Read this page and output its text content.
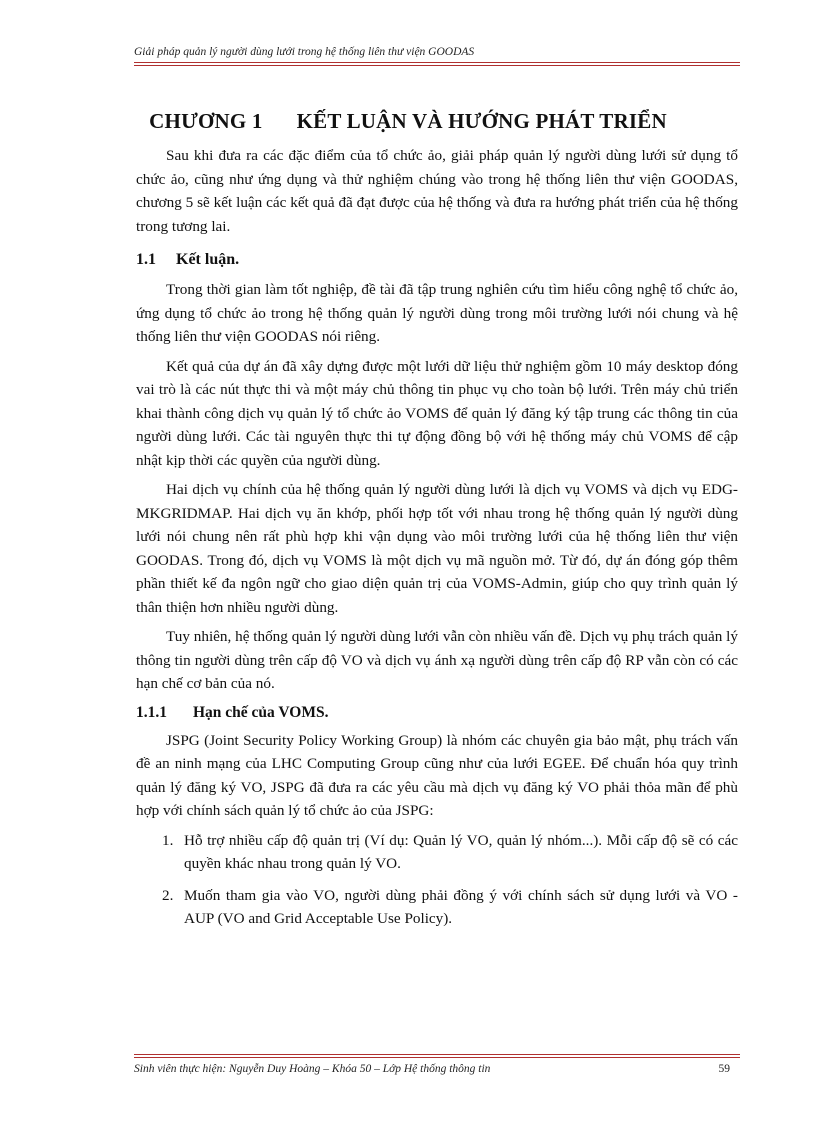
Giải pháp quản lý người dùng lưới trong hệ thống liên thư viện GOODAS
CHƯƠNG 1 KẾT LUẬN VÀ HƯỚNG PHÁT TRIỂN

Sau khi đưa ra các đặc điểm của tổ chức ảo, giải pháp quản lý người dùng lưới sử dụng tổ chức ảo, cũng như ứng dụng và thử nghiệm chúng vào trong hệ thống liên thư viện GOODAS, chương 5 sẽ kết luận các kết quả đã đạt được của hệ thống và đưa ra hướng phát triển của hệ thống trong tương lai.

1.1 Kết luận.

Trong thời gian làm tốt nghiệp, đề tài đã tập trung nghiên cứu tìm hiểu công nghệ tổ chức ảo, ứng dụng tổ chức ảo trong hệ thống quản lý người dùng trong môi trường lưới nói chung và hệ thống liên thư viện GOODAS nói riêng.

Kết quả của dự án đã xây dựng được một lưới dữ liệu thử nghiệm gồm 10 máy desktop đóng vai trò là các nút thực thi và một máy chủ thông tin phục vụ cho toàn bộ lưới. Trên máy chủ triển khai thành công dịch vụ quản lý tổ chức ảo VOMS để quản lý đăng ký tập trung các thông tin của người dùng lưới. Các tài nguyên thực thi tự động đồng bộ với hệ thống máy chủ VOMS để cập nhật kịp thời các quyền của người dùng.

Hai dịch vụ chính của hệ thống quản lý người dùng lưới là dịch vụ VOMS và dịch vụ EDG-MKGRIDMAP. Hai dịch vụ ăn khớp, phối hợp tốt với nhau trong hệ thống quản lý người dùng lưới nói chung nên rất phù hợp khi vận dụng vào môi trường lưới của hệ thống liên thư viện GOODAS. Trong đó, dịch vụ VOMS là một dịch vụ mã nguồn mở. Từ đó, dự án đóng góp thêm phần thiết kế đa ngôn ngữ cho giao diện quản trị của VOMS-Admin, giúp cho quy trình quản lý thân thiện hơn nhiều người dùng.

Tuy nhiên, hệ thống quản lý người dùng lưới vẫn còn nhiều vấn đề. Dịch vụ phụ trách quản lý thông tin người dùng trên cấp độ VO và dịch vụ ánh xạ người dùng trên cấp độ RP vẫn còn có các hạn chế cơ bản của nó.

1.1.1 Hạn chế của VOMS.

JSPG (Joint Security Policy Working Group) là nhóm các chuyên gia bảo mật, phụ trách vấn đề an ninh mạng của LHC Computing Group cũng như của lưới EGEE. Để chuẩn hóa quy trình quản lý đăng ký VO, JSPG đã đưa ra các yêu cầu mà dịch vụ đăng ký VO phải thỏa mãn để phù hợp với chính sách quản lý tổ chức ảo của JSPG:

1. Hỗ trợ nhiều cấp độ quản trị (Ví dụ: Quản lý VO, quản lý nhóm...). Mỗi cấp độ sẽ có các quyền khác nhau trong quản lý VO.
2. Muốn tham gia vào VO, người dùng phải đồng ý với chính sách sử dụng lưới và VO - AUP (VO and Grid Acceptable Use Policy).
Sinh viên thực hiện: Nguyễn Duy Hoàng – Khóa 50 – Lớp Hệ thống thông tin	59
